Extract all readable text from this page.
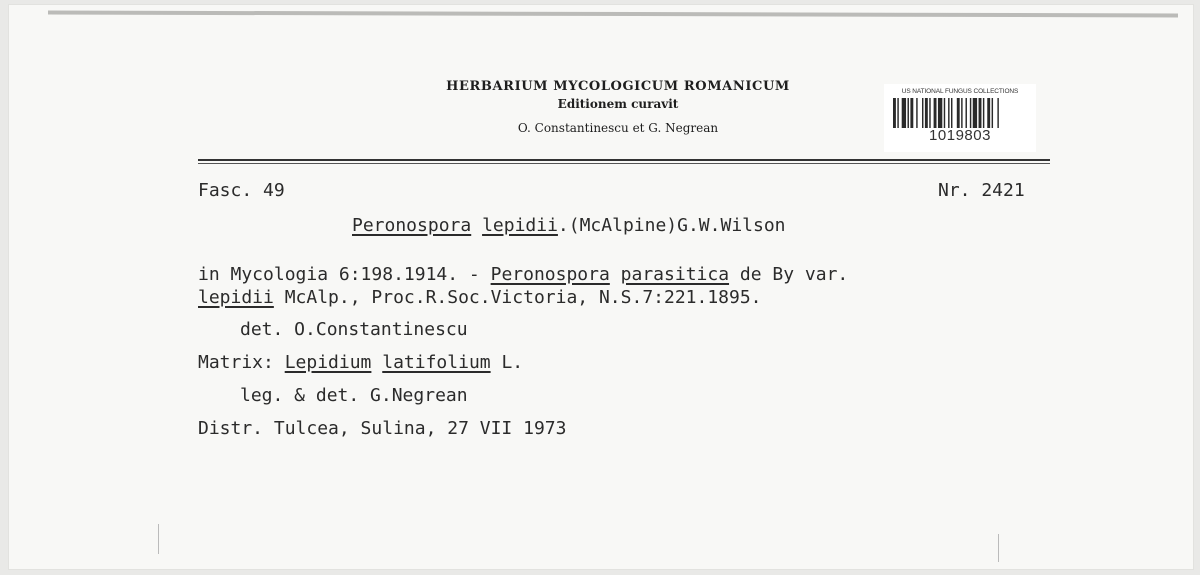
HERBARIUM MYCOLOGICUM ROMANICUM
Editionem curavit
O. Constantinescu et G. Negrean
US NATIONAL FUNGUS COLLECTIONS
1019803
Fasc. 49	Nr. 2421
Peronospora lepidii.(McAlpine)G.W.Wilson
in Mycologia 6:198.1914. - Peronospora parasitica de By var.
lepidii McAlp., Proc.R.Soc.Victoria, N.S.7:221.1895.
det. O.Constantinescu
Matrix: Lepidium latifolium L.
leg. & det. G.Negrean
Distr. Tulcea, Sulina, 27 VII 1973
